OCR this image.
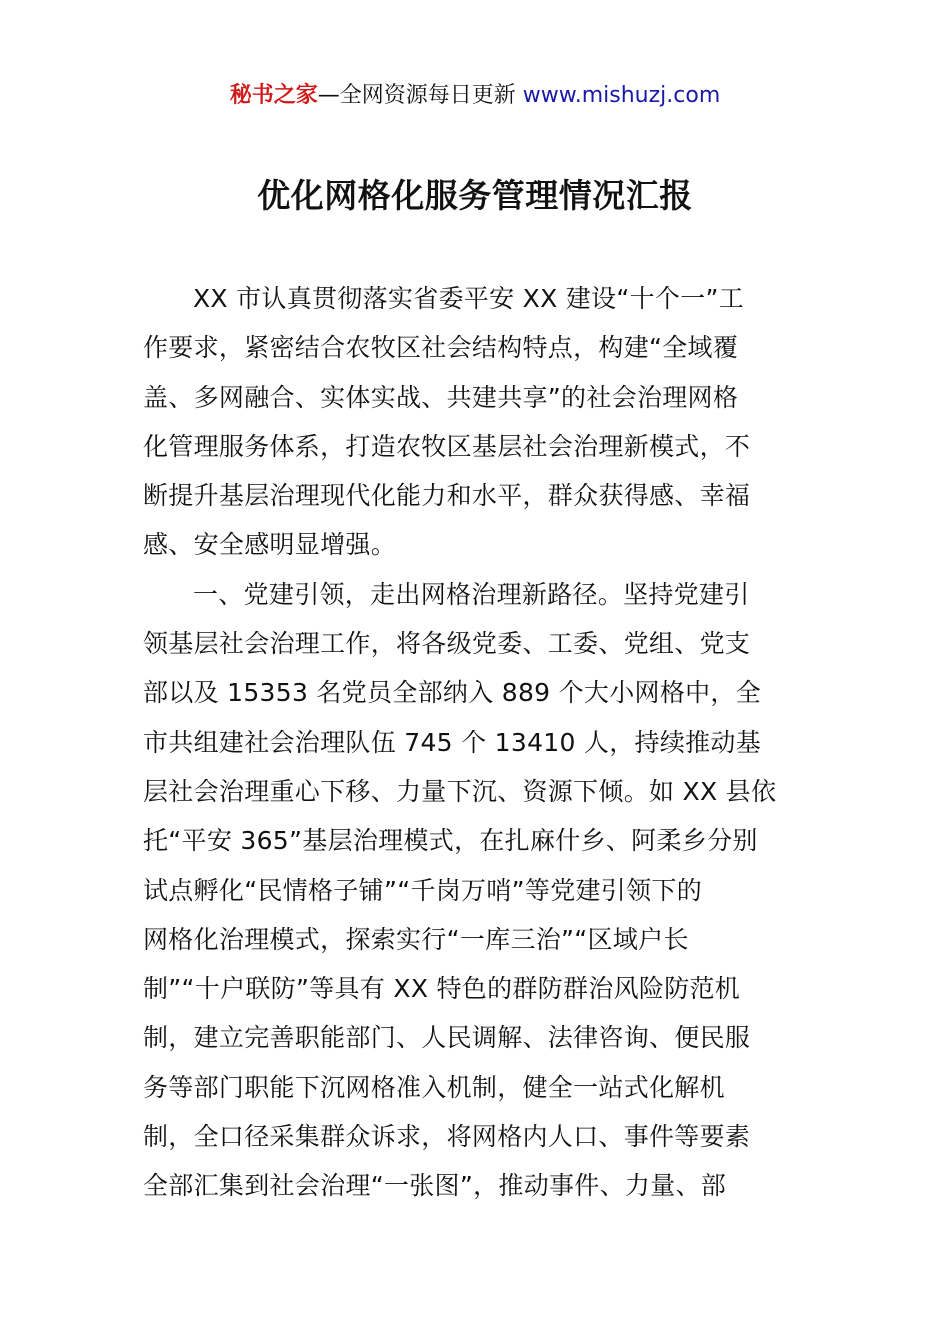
秘书之家—全网资源每日更新 www.mishuzj.com
优化网格化服务管理情况汇报
XX 市认真贯彻落实省委平安 XX 建设“十个一”工
作要求，紧密结合农牧区社会结构特点，构建“全域覆
盖、多网融合、实体实战、共建共享”的社会治理网格
化管理服务体系，打造农牧区基层社会治理新模式，不
断提升基层治理现代化能力和水平，群众获得感、幸福
感、安全感明显增强。
一、党建引领，走出网格治理新路径。坚持党建引
领基层社会治理工作，将各级党委、工委、党组、党支
部以及 15353 名党员全部纳入 889 个大小网格中，全
市共组建社会治理队伍 745 个 13410 人，持续推动基
层社会治理重心下移、力量下沉、资源下倾。如 XX 县依
托“平安 365”基层治理模式，在扎麻什乡、阿柔乡分别
试点孵化“民情格子铺”“千岗万哨”等党建引领下的
网格化治理模式，探索实行“一库三治”“区域户长
制”“十户联防”等具有 XX 特色的群防群治风险防范机
制，建立完善职能部门、人民调解、法律咨询、便民服
务等部门职能下沉网格准入机制，健全一站式化解机
制，全口径采集群众诉求，将网格内人口、事件等要素
全部汇集到社会治理“一张图”，推动事件、力量、部
